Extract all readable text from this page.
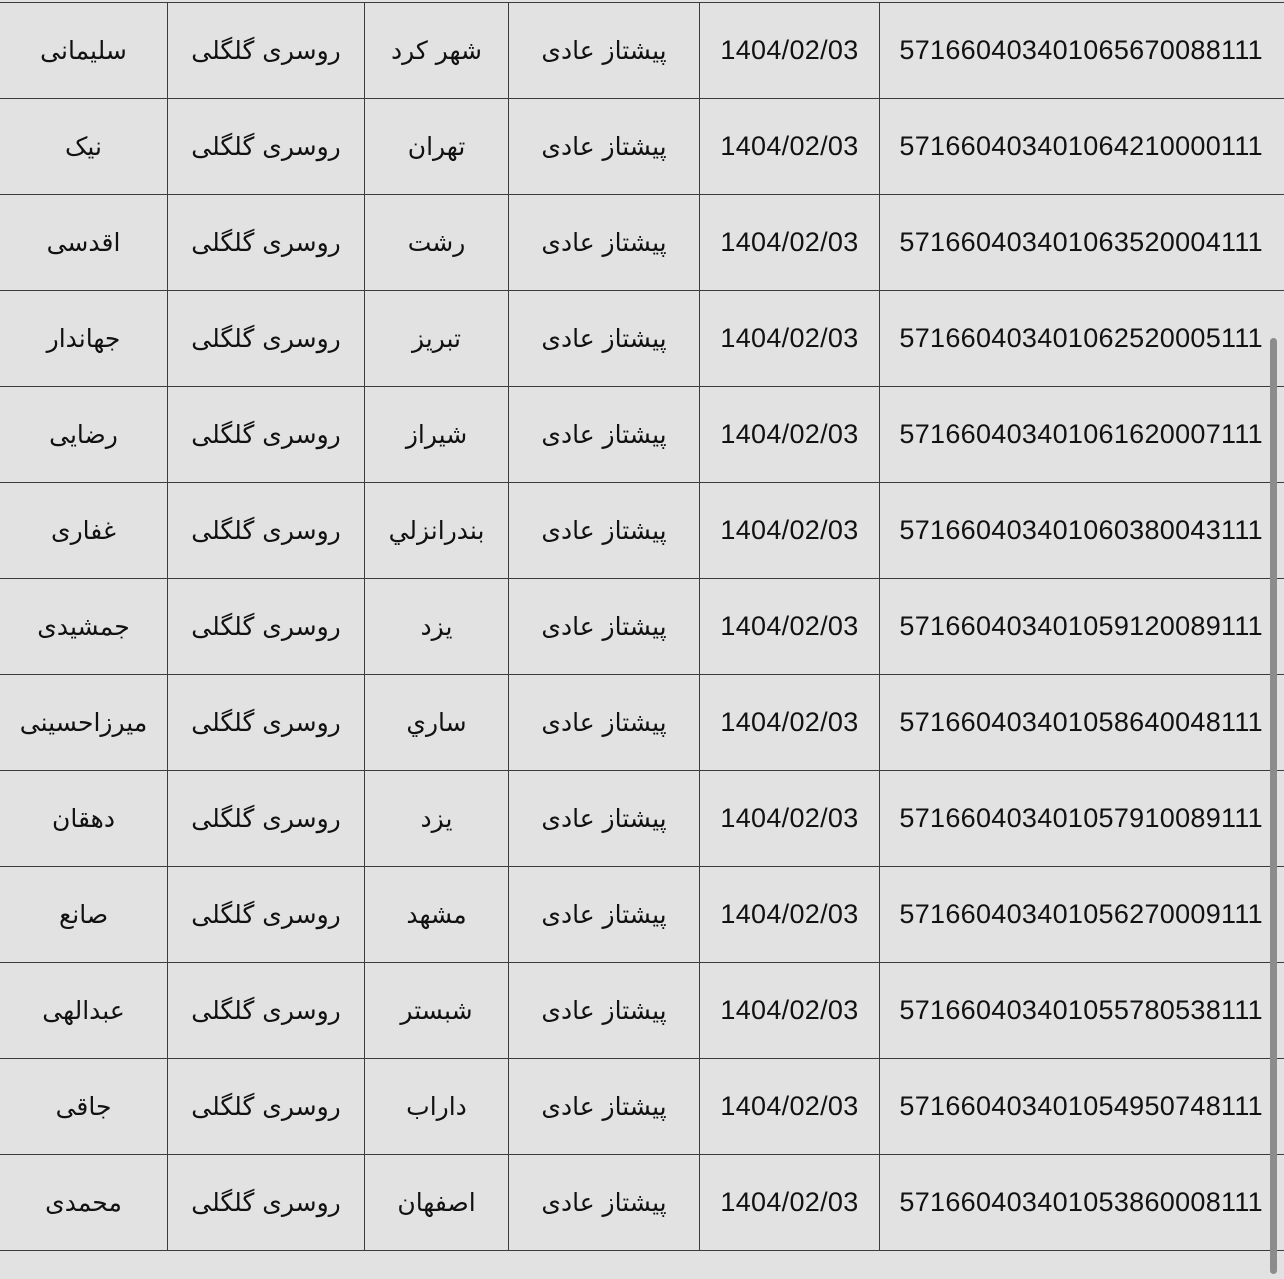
سلیمانی	روسری گلگلی	شهر کرد	پیشتاز عادی	1404/02/03	571660403401065670088111
نیک	روسری گلگلی	تهران	پیشتاز عادی	1404/02/03	571660403401064210000111
اقدسی	روسری گلگلی	رشت	پیشتاز عادی	1404/02/03	571660403401063520004111
جهاندار	روسری گلگلی	تبریز	پیشتاز عادی	1404/02/03	571660403401062520005111
رضایی	روسری گلگلی	شیراز	پیشتاز عادی	1404/02/03	571660403401061620007111
غفاری	روسری گلگلی	بندرانزلي	پیشتاز عادی	1404/02/03	571660403401060380043111
جمشیدی	روسری گلگلی	یزد	پیشتاز عادی	1404/02/03	571660403401059120089111
میرزاحسینی	روسری گلگلی	ساري	پیشتاز عادی	1404/02/03	571660403401058640048111
دهقان	روسری گلگلی	یزد	پیشتاز عادی	1404/02/03	571660403401057910089111
صانع	روسری گلگلی	مشهد	پیشتاز عادی	1404/02/03	571660403401056270009111
عبدالهی	روسری گلگلی	شبستر	پیشتاز عادی	1404/02/03	571660403401055780538111
جاقی	روسری گلگلی	داراب	پیشتاز عادی	1404/02/03	571660403401054950748111
محمدی	روسری گلگلی	اصفهان	پیشتاز عادی	1404/02/03	571660403401053860008111
